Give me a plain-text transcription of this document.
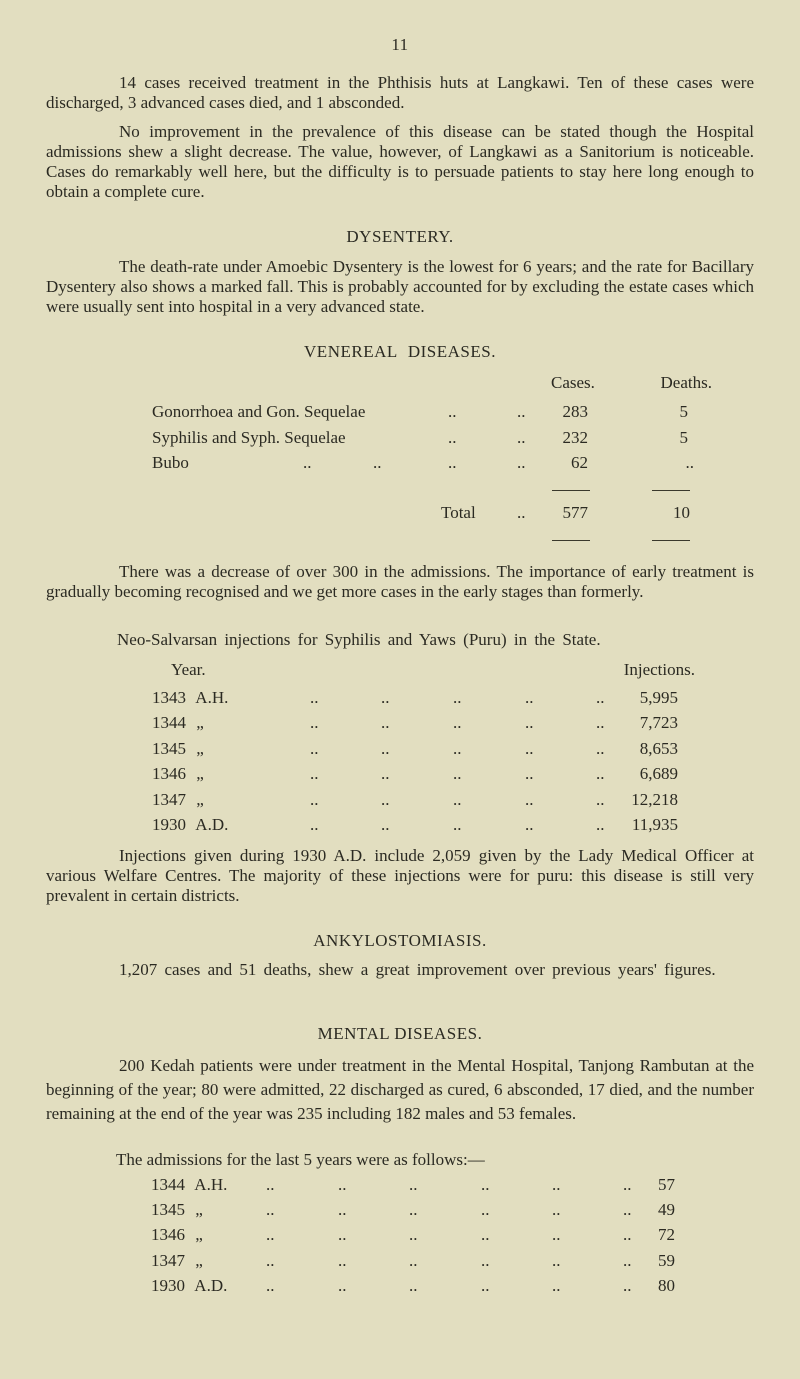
11

14 cases received treatment in the Phthisis huts at Langkawi. Ten of these cases were discharged, 3 advanced cases died, and 1 absconded.

No improvement in the prevalence of this disease can be stated though the Hospital admissions shew a slight decrease. The value, however, of Langkawi as a Sanitorium is noticeable. Cases do remarkably well here, but the difficulty is to persuade patients to stay here long enough to obtain a complete cure.

DYSENTERY.

The death-rate under Amoebic Dysentery is the lowest for 6 years; and the rate for Bacillary Dysentery also shows a marked fall. This is probably accounted for by excluding the estate cases which were usually sent into hospital in a very advanced state.

VENEREAL DISEASES.
Cases.	Deaths.
Gonorrhoea and Gon. Sequelae	..	..	283	5
Syphilis and Syph. Sequelae	..	..	232	5
Bubo	..	..	..	..	62	..
Total ..	577	10

There was a decrease of over 300 in the admissions. The importance of early treatment is gradually becoming recognised and we get more cases in the early stages than formerly.

Neo-Salvarsan injections for Syphilis and Yaws (Puru) in the State.
Year.	Injections.
1343 A.H.	..	..	..	..	..	5,995
1344 „	..	..	..	..	..	7,723
1345 „	..	..	..	..	..	8,653
1346 „	..	..	..	..	..	6,689
1347 „	..	..	..	..	..	12,218
1930 A.D.	..	..	..	..	..	11,935

Injections given during 1930 A.D. include 2,059 given by the Lady Medical Officer at various Welfare Centres. The majority of these injections were for puru: this disease is still very prevalent in certain districts.

ANKYLOSTOMIASIS.

1,207 cases and 51 deaths, shew a great improvement over previous years' figures.

MENTAL DISEASES.

200 Kedah patients were under treatment in the Mental Hospital, Tanjong Rambutan at the beginning of the year; 80 were admitted, 22 discharged as cured, 6 absconded, 17 died, and the number remaining at the end of the year was 235 including 182 males and 53 females.

The admissions for the last 5 years were as follows:—
1344 A.H. ..	..	..	..	..	..	57
1345 „	..	..	..	..	..	..	49
1346 „	..	..	..	..	..	..	72
1347 „	..	..	..	..	..	..	59
1930 A.D. ..	..	..	..	..	..	80
